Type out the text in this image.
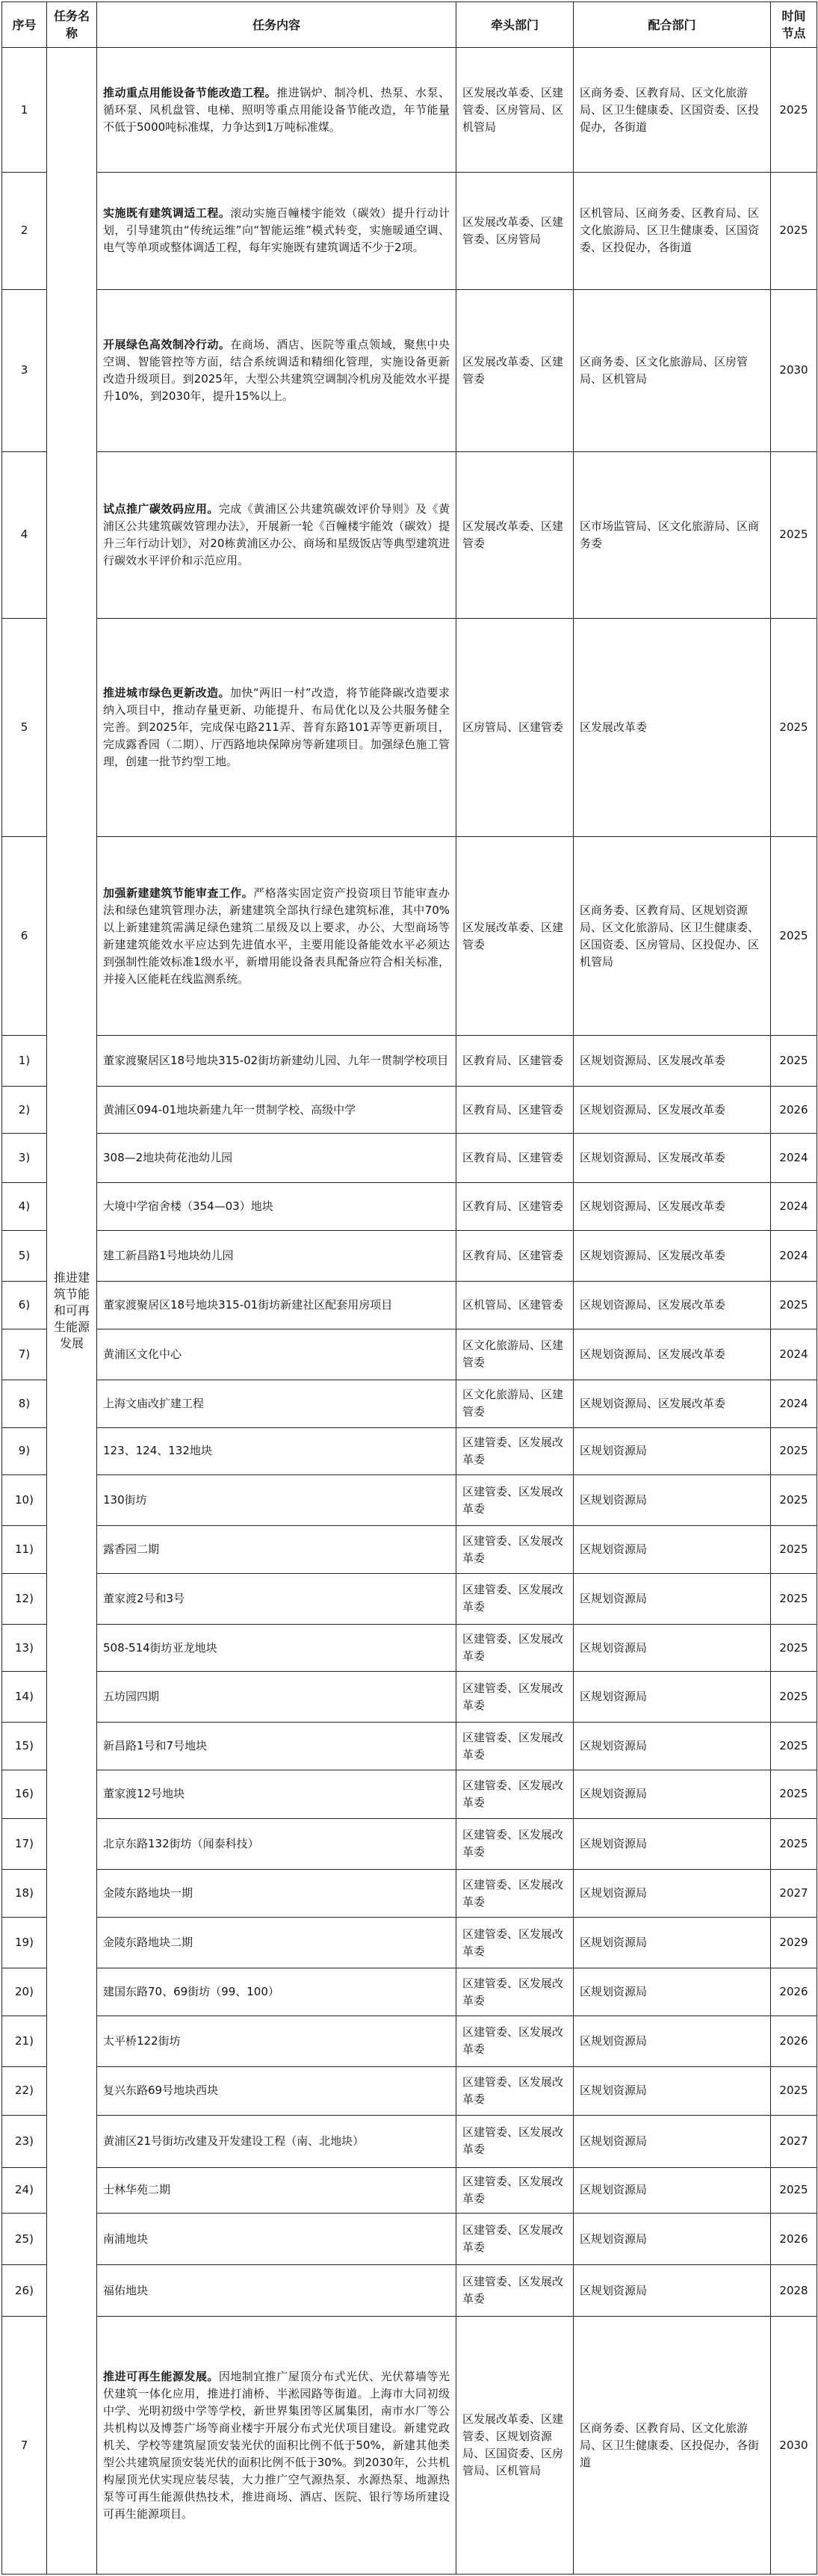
序号	任务名称	任务内容	牵头部门	配合部门	时间节点
1	推进建筑节能和可再生能源发展	推动重点用能设备节能改造工程。推进锅炉、制冷机、热泵、水泵、循环泵、风机盘管、电梯、照明等重点用能设备节能改造，年节能量不低于5000吨标准煤，力争达到1万吨标准煤。	区发展改革委、区建管委、区房管局、区机管局	区商务委、区教育局、区文化旅游局、区卫生健康委、区国资委、区投促办，各街道	2025
2		实施既有建筑调适工程。滚动实施百幢楼宇能效（碳效）提升行动计划，引导建筑由“传统运维”向“智能运维”模式转变，实施暖通空调、电气等单项或整体调适工程，每年实施既有建筑调适不少于2项。	区发展改革委、区建管委、区房管局	区机管局、区商务委、区教育局、区文化旅游局、区卫生健康委、区国资委、区投促办，各街道	2025
3		开展绿色高效制冷行动。在商场、酒店、医院等重点领域，聚焦中央空调、智能管控等方面，结合系统调适和精细化管理，实施设备更新改造升级项目。到2025年，大型公共建筑空调制冷机房及能效水平提升10%，到2030年，提升15%以上。	区发展改革委、区建管委	区商务委、区文化旅游局、区房管局、区机管局	2030
4		试点推广碳效码应用。完成《黄浦区公共建筑碳效评价导则》及《黄浦区公共建筑碳效管理办法》，开展新一轮《百幢楼宇能效（碳效）提升三年行动计划》，对20栋黄浦区办公、商场和星级饭店等典型建筑进行碳效水平评价和示范应用。	区发展改革委、区建管委	区市场监管局、区文化旅游局、区商务委	2025
5		推进城市绿色更新改造。加快“两旧一村”改造，将节能降碳改造要求纳入项目中，推动存量更新、功能提升、布局优化以及公共服务健全完善。到2025年，完成保屯路211弄、普育东路101弄等更新项目，完成露香园（二期）、厅西路地块保障房等新建项目。加强绿色施工管理，创建一批节约型工地。	区房管局、区建管委	区发展改革委	2025
6		加强新建建筑节能审查工作。严格落实固定资产投资项目节能审查办法和绿色建筑管理办法，新建建筑全部执行绿色建筑标准，其中70%以上新建建筑需满足绿色建筑二星级及以上要求，办公、大型商场等新建建筑能效水平应达到先进值水平，主要用能设备能效水平必须达到强制性能效标准1级水平，新增用能设备表具配备应符合相关标准，并接入区能耗在线监测系统。	区发展改革委、区建管委	区商务委、区教育局、区规划资源局、区文化旅游局、区卫生健康委、区国资委、区房管局、区投促办、区机管局	2025
1)		董家渡聚居区18号地块315-02街坊新建幼儿园、九年一贯制学校项目	区教育局、区建管委	区规划资源局、区发展改革委	2025
2)		黄浦区094-01地块新建九年一贯制学校、高级中学	区教育局、区建管委	区规划资源局、区发展改革委	2026
3)		308—2地块荷花池幼儿园	区教育局、区建管委	区规划资源局、区发展改革委	2024
4)		大境中学宿舍楼（354—03）地块	区教育局、区建管委	区规划资源局、区发展改革委	2024
5)		建工新昌路1号地块幼儿园	区教育局、区建管委	区规划资源局、区发展改革委	2024
6)		董家渡聚居区18号地块315-01街坊新建社区配套用房项目	区机管局、区建管委	区规划资源局、区发展改革委	2025
7)		黄浦区文化中心	区文化旅游局、区建管委	区规划资源局、区发展改革委	2024
8)		上海文庙改扩建工程	区文化旅游局、区建管委	区规划资源局、区发展改革委	2024
9)		123、124、132地块	区建管委、区发展改革委	区规划资源局	2025
10)		130街坊	区建管委、区发展改革委	区规划资源局	2025
11)		露香园二期	区建管委、区发展改革委	区规划资源局	2025
12)		董家渡2号和3号	区建管委、区发展改革委	区规划资源局	2025
13)		508-514街坊亚龙地块	区建管委、区发展改革委	区规划资源局	2025
14)		五坊园四期	区建管委、区发展改革委	区规划资源局	2025
15)		新昌路1号和7号地块	区建管委、区发展改革委	区规划资源局	2025
16)		董家渡12号地块	区建管委、区发展改革委	区规划资源局	2025
17)		北京东路132街坊（闻泰科技）	区建管委、区发展改革委	区规划资源局	2025
18)		金陵东路地块一期	区建管委、区发展改革委	区规划资源局	2027
19)		金陵东路地块二期	区建管委、区发展改革委	区规划资源局	2029
20)		建国东路70、69街坊（99、100）	区建管委、区发展改革委	区规划资源局	2026
21)		太平桥122街坊	区建管委、区发展改革委	区规划资源局	2026
22)		复兴东路69号地块西块	区建管委、区发展改革委	区规划资源局	2025
23)		黄浦区21号街坊改建及开发建设工程（南、北地块）	区建管委、区发展改革委	区规划资源局	2027
24)		士林华苑二期	区建管委、区发展改革委	区规划资源局	2025
25)		南浦地块	区建管委、区发展改革委	区规划资源局	2026
26)		福佑地块	区建管委、区发展改革委	区规划资源局	2028
7		推进可再生能源发展。因地制宜推广屋顶分布式光伏、光伏幕墙等光伏建筑一体化应用，推进打浦桥、半淞园路等街道。上海市大同初级中学、光明初级中学等学校，新世界集团等区属集团，南市水厂等公共机构以及博荟广场等商业楼宇开展分布式光伏项目建设。新建党政机关、学校等建筑屋顶安装光伏的面积比例不低于50%，新建其他类型公共建筑屋顶安装光伏的面积比例不低于30%。到2030年，公共机构屋顶光伏实现应装尽装，大力推广空气源热泵、水源热泵、地源热泵等可再生能源供热技术，推进商场、酒店、医院、银行等场所建设可再生能源项目。	区发展改革委、区建管委、区规划资源局、区国资委、区房管局、区机管局	区商务委、区教育局、区文化旅游局、区卫生健康委、区投促办，各街道	2030
